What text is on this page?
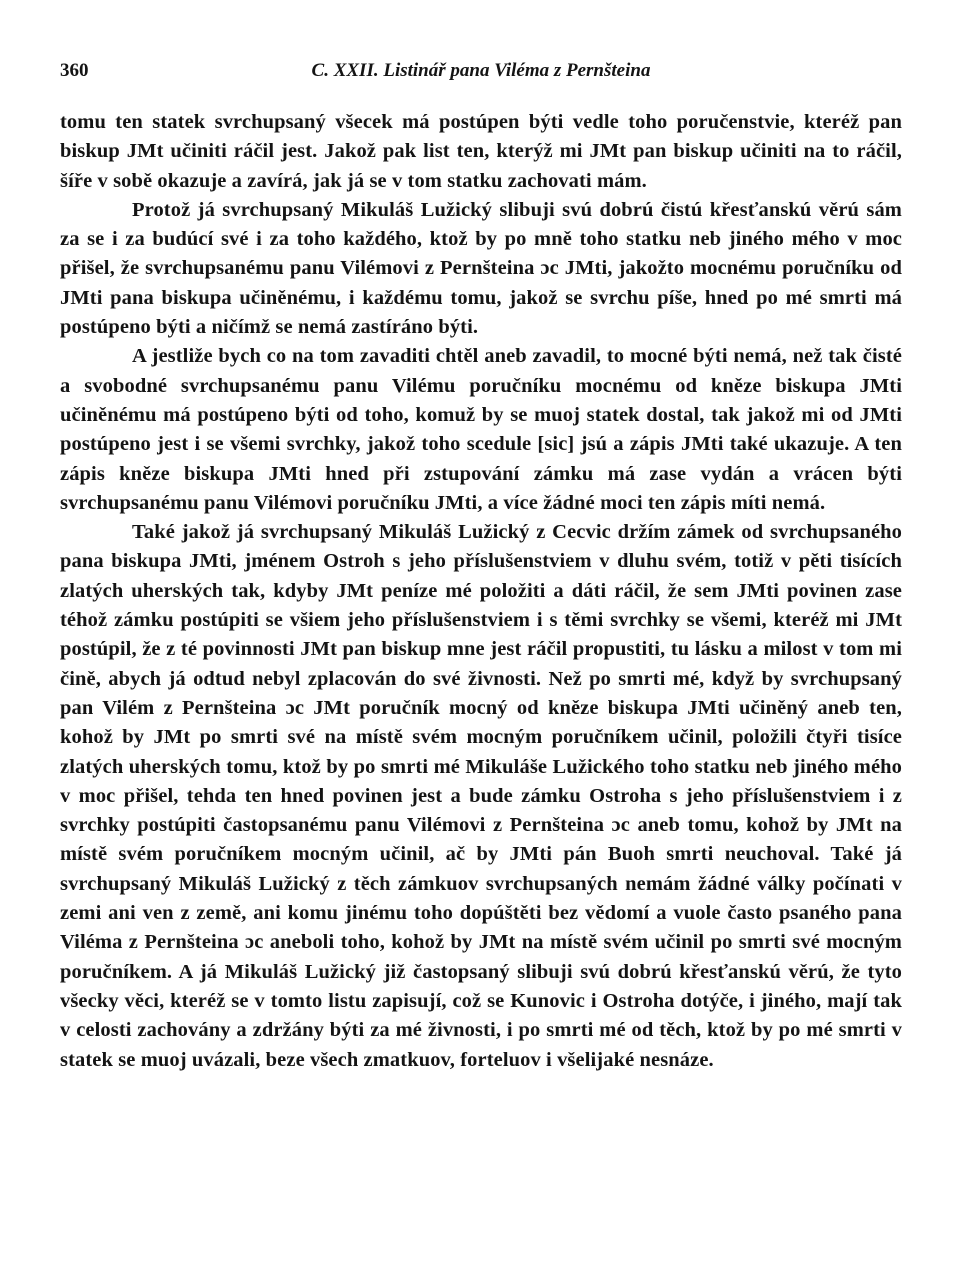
360	C. XXII. Listinář pana Viléma z Pernšteina

tomu ten statek svrchupsaný všecek má postúpen býti vedle toho poručenstvie, kteréž pan biskup JMt učiniti ráčil jest. Jakož pak list ten, kterýž mi JMt pan biskup učiniti na to ráčil, šíře v sobě okazuje a zavírá, jak já se v tom statku zachovati mám.

Protož já svrchupsaný Mikuláš Lužický slibuji svú dobrú čistú křesťanskú věrú sám za se i za budúcí své i za toho každého, ktož by po mně toho statku neb jiného mého v moc přišel, že svrchupsanému panu Vilémovi z Pernšteina ɔc JMti, jakožto mocnému poručníku od JMti pana biskupa učiněnému, i každému tomu, jakož se svrchu píše, hned po mé smrti má postúpeno býti a ničímž se nemá zastíráno býti.

A jestliže bych co na tom zavaditi chtěl aneb zavadil, to mocné býti nemá, než tak čisté a svobodné svrchupsanému panu Vilému poručníku mocnému od kněze biskupa JMti učiněnému má postúpeno býti od toho, komuž by se muoj statek dostal, tak jakož mi od JMti postúpeno jest i se všemi svrchky, jakož toho scedule [sic] jsú a zápis JMti také ukazuje. A ten zápis kněze biskupa JMti hned při zstupování zámku má zase vydán a vrácen býti svrchupsanému panu Vilémovi poručníku JMti, a více žádné moci ten zápis míti nemá.

Také jakož já svrchupsaný Mikuláš Lužický z Cecvic držím zámek od svrchupsaného pana biskupa JMti, jménem Ostroh s jeho příslušenstviem v dluhu svém, totiž v pěti tisících zlatých uherských tak, kdyby JMt peníze mé položiti a dáti ráčil, že sem JMti povinen zase téhož zámku postúpiti se všiem jeho příslušenstviem i s těmi svrchky se všemi, kteréž mi JMt postúpil, že z té povinnosti JMt pan biskup mne jest ráčil propustiti, tu lásku a milost v tom mi čině, abych já odtud nebyl zplacován do své živnosti. Než po smrti mé, když by svrchupsaný pan Vilém z Pernšteina ɔc JMt poručník mocný od kněze biskupa JMti učiněný aneb ten, kohož by JMt po smrti své na místě svém mocným poručníkem učinil, položili čtyři tisíce zlatých uherských tomu, ktož by po smrti mé Mikuláše Lužického toho statku neb jiného mého v moc přišel, tehda ten hned povinen jest a bude zámku Ostroha s jeho příslušenstviem i z svrchky postúpiti častopsanému panu Vilémovi z Pernšteina ɔc aneb tomu, kohož by JMt na místě svém poručníkem mocným učinil, ač by JMti pán Buoh smrti neuchoval. Také já svrchupsaný Mikuláš Lužický z těch zámkuov svrchupsaných nemám žádné války počínati v zemi ani ven z země, ani komu jinému toho dopúštěti bez vědomí a vuole často psaného pana Viléma z Pernšteina ɔc aneboli toho, kohož by JMt na místě svém učinil po smrti své mocným poručníkem. A já Mikuláš Lužický již častopsaný slibuji svú dobrú křesťanskú věrú, že tyto všecky věci, kteréž se v tomto listu zapisují, což se Kunovic i Ostroha dotýče, i jiného, mají tak v celosti zachovány a zdržány býti za mé živnosti, i po smrti mé od těch, ktož by po mé smrti v statek se muoj uvázali, beze všech zmatkuov, forteluov i všelijaké nesnáze.
